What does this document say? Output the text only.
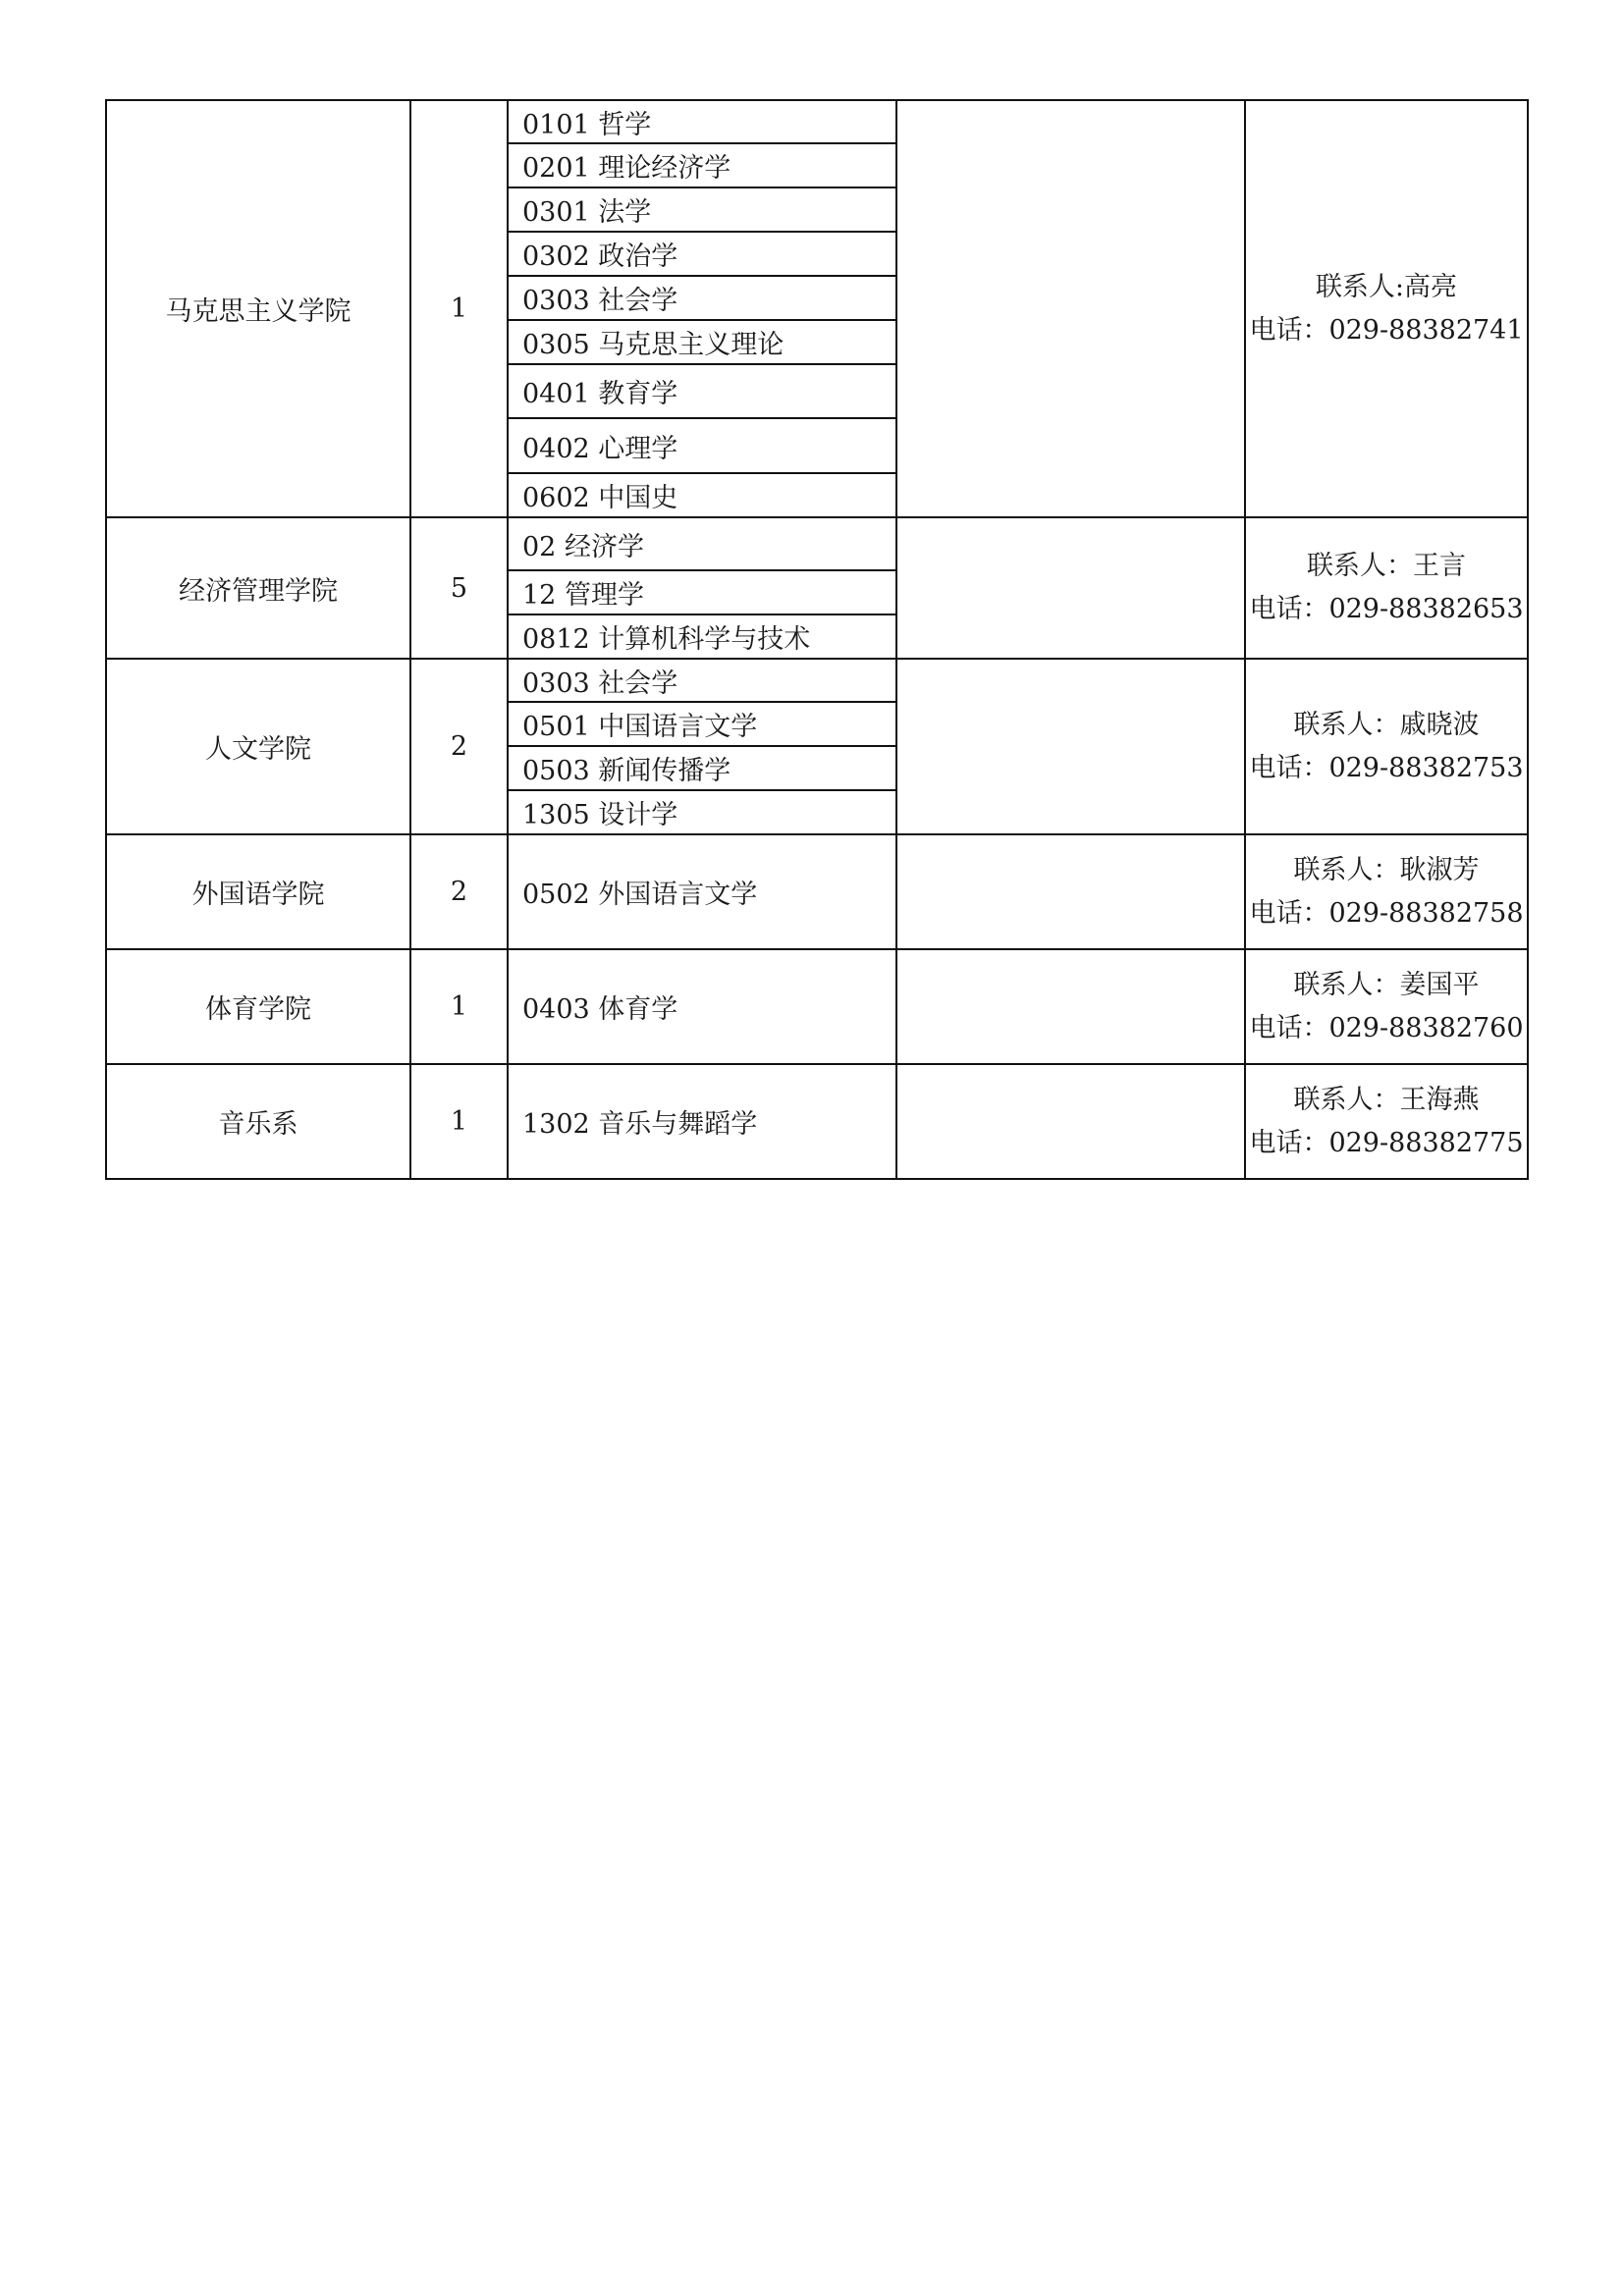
马克思主义学院	1	0101 哲学		联系人:高亮
电话：029-88382741

		0201 理论经济学		

		0301 法学		

		0302 政治学		

		0303 社会学		

		0305 马克思主义理论		

		0401 教育学		

		0402 心理学		

		0602 中国史		

经济管理学院	5	02 经济学		联系人：王言
电话：029-88382653

		12 管理学		

		0812 计算机科学与技术		

人文学院	2	0303 社会学		联系人：戚晓波
电话：029-88382753

		0501 中国语言文学		

		0503 新闻传播学		

		1305 设计学		

外国语学院	2	0502 外国语言文学		联系人：耿淑芳
电话：029-88382758

体育学院	1	0403 体育学		联系人：姜国平
电话：029-88382760

音乐系	1	1302 音乐与舞蹈学		联系人：王海燕
电话：029-88382775
